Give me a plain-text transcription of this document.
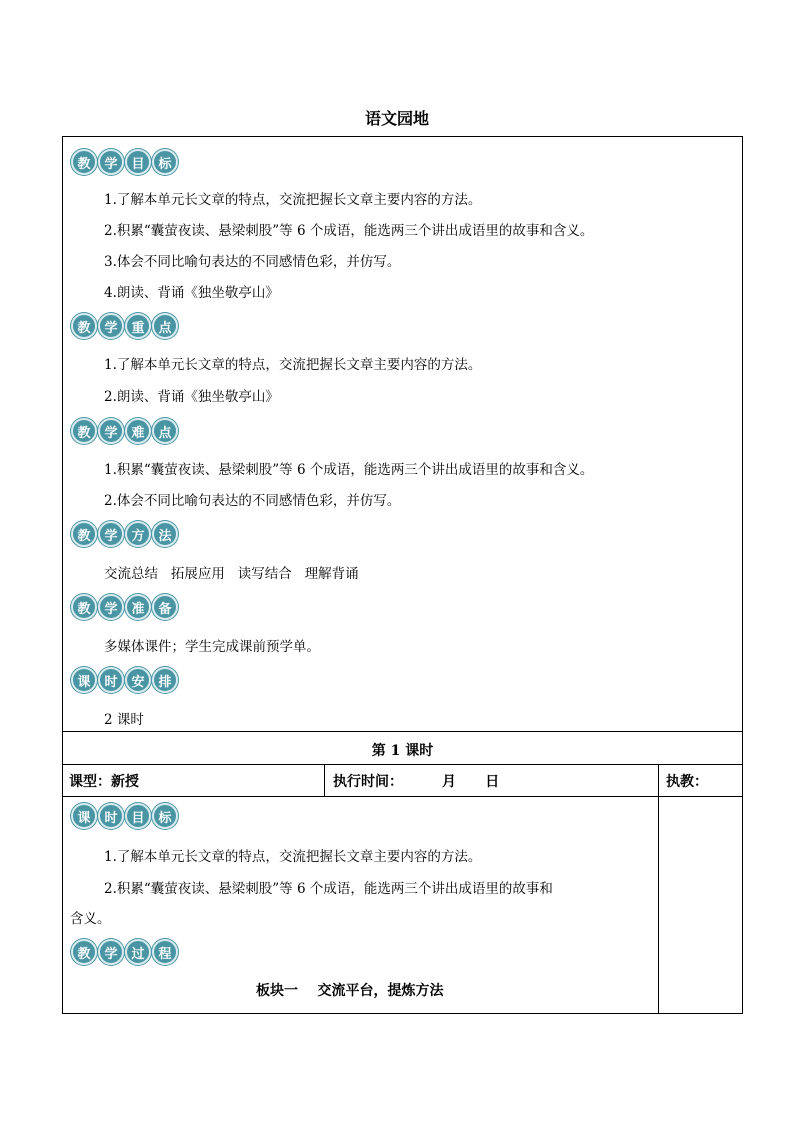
语文园地
教	学	目	标
1.了解本单元长文章的特点，交流把握长文章主要内容的方法。
2.积累“囊萤夜读、悬梁刺股”等 6 个成语，能选两三个讲出成语里的故事和含义。
3.体会不同比喻句表达的不同感情色彩，并仿写。
4.朗读、背诵《独坐敬亭山》
教	学	重	点
1.了解本单元长文章的特点，交流把握长文章主要内容的方法。
2.朗读、背诵《独坐敬亭山》
教	学	难	点
1.积累“囊萤夜读、悬梁刺股”等 6 个成语，能选两三个讲出成语里的故事和含义。
2.体会不同比喻句表达的不同感情色彩，并仿写。
教	学	方	法
交流总结   拓展应用   读写结合   理解背诵
教	学	准	备
多媒体课件；学生完成课前预学单。
课	时	安	排
2 课时
第 1 课时
课型：新授	执行时间：        月      日	执教：
课	时	目	标
1.了解本单元长文章的特点，交流把握长文章主要内容的方法。
2.积累“囊萤夜读、悬梁刺股”等 6 个成语，能选两三个讲出成语里的故事和
含义。
教	学	过	程
板块一    交流平台，提炼方法
